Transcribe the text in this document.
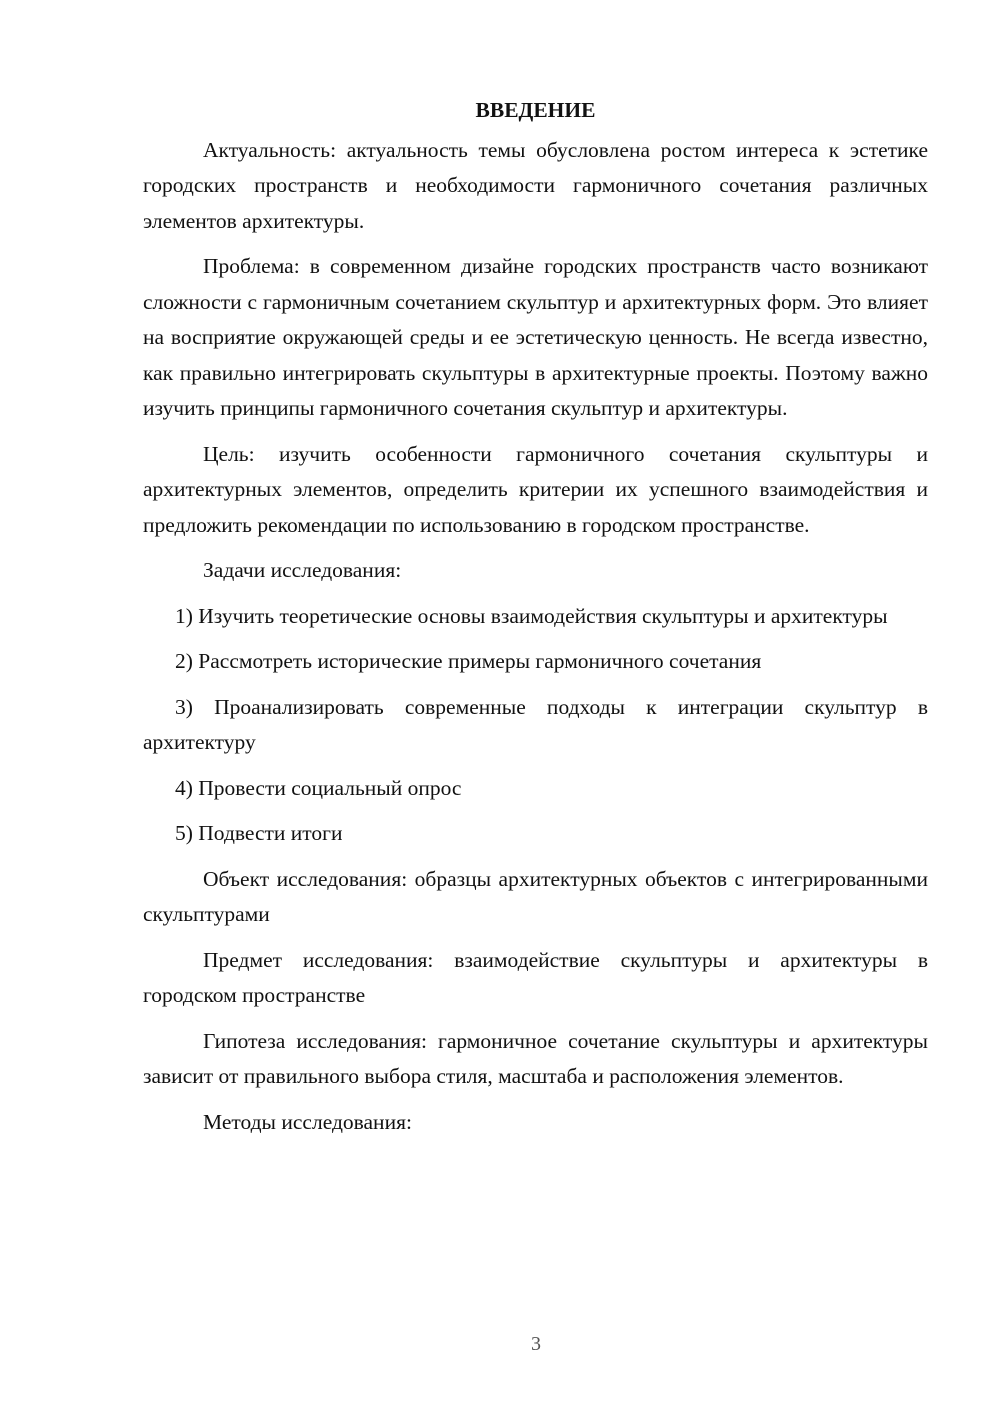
ВВЕДЕНИЕ

Актуальность: актуальность темы обусловлена ростом интереса к эстетике городских пространств и необходимости гармоничного сочетания различных элементов архитектуры.

Проблема: в современном дизайне городских пространств часто возникают сложности с гармоничным сочетанием скульптур и архитектурных форм. Это влияет на восприятие окружающей среды и ее эстетическую ценность. Не всегда известно, как правильно интегрировать скульптуры в архитектурные проекты. Поэтому важно изучить принципы гармоничного сочетания скульптур и архитектуры.

Цель: изучить особенности гармоничного сочетания скульптуры и архитектурных элементов, определить критерии их успешного взаимодействия и предложить рекомендации по использованию в городском пространстве.

Задачи исследования:

1) Изучить теоретические основы взаимодействия скульптуры и архитектуры

2) Рассмотреть исторические примеры гармоничного сочетания

3) Проанализировать современные подходы к интеграции скульптур в архитектуру

4) Провести социальный опрос

5) Подвести итоги

Объект исследования: образцы архитектурных объектов с интегрированными скульптурами

Предмет исследования: взаимодействие скульптуры и архитектуры в городском пространстве

Гипотеза исследования: гармоничное сочетание скульптуры и архитектуры зависит от правильного выбора стиля, масштаба и расположения элементов.

Методы исследования:

3
